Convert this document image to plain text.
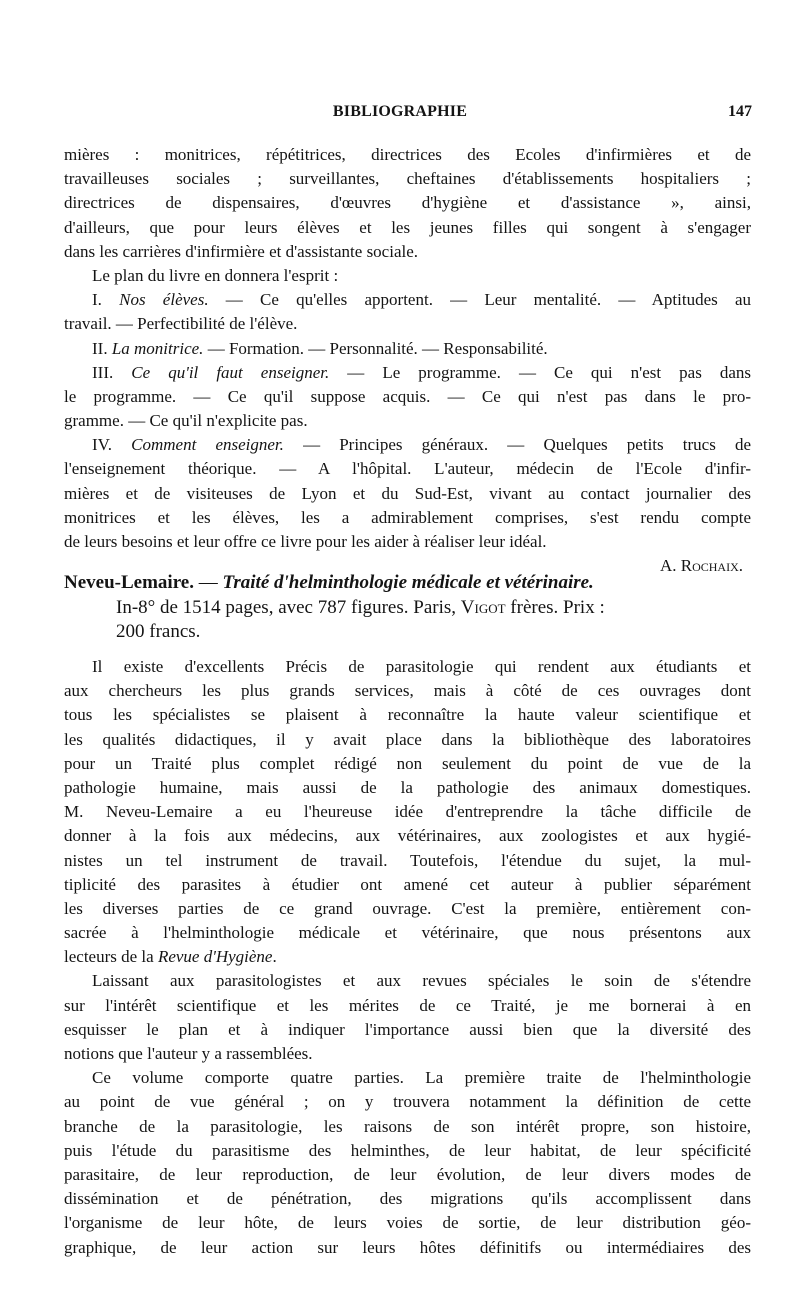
BIBLIOGRAPHIE	147
mières : monitrices, répétitrices, directrices des Ecoles d'infirmières et de
travailleuses sociales ; surveillantes, cheftaines d'établissements hospitaliers ;
directrices de dispensaires, d'œuvres d'hygiène et d'assistance », ainsi,
d'ailleurs, que pour leurs élèves et les jeunes filles qui songent à s'engager
dans les carrières d'infirmière et d'assistante sociale.
Le plan du livre en donnera l'esprit :
I. Nos élèves. — Ce qu'elles apportent. — Leur mentalité. — Aptitudes au
travail. — Perfectibilité de l'élève.
II. La monitrice. — Formation. — Personnalité. — Responsabilité.
III. Ce qu'il faut enseigner. — Le programme. — Ce qui n'est pas dans
le programme. — Ce qu'il suppose acquis. — Ce qui n'est pas dans le pro-
gramme. — Ce qu'il n'explicite pas.
IV. Comment enseigner. — Principes généraux. — Quelques petits trucs de
l'enseignement théorique. — A l'hôpital. L'auteur, médecin de l'Ecole d'infir-
mières et de visiteuses de Lyon et du Sud-Est, vivant au contact journalier des
monitrices et les élèves, les a admirablement comprises, s'est rendu compte
de leurs besoins et leur offre ce livre pour les aider à réaliser leur idéal.
A. Rochaix.
Neveu-Lemaire. — Traité d'helminthologie médicale et vétérinaire.
In-8° de 1514 pages, avec 787 figures. Paris, Vigot frères. Prix :
200 francs.
Il existe d'excellents Précis de parasitologie qui rendent aux étudiants et
aux chercheurs les plus grands services, mais à côté de ces ouvrages dont
tous les spécialistes se plaisent à reconnaître la haute valeur scientifique et
les qualités didactiques, il y avait place dans la bibliothèque des laboratoires
pour un Traité plus complet rédigé non seulement du point de vue de la
pathologie humaine, mais aussi de la pathologie des animaux domestiques.
M. Neveu-Lemaire a eu l'heureuse idée d'entreprendre la tâche difficile de
donner à la fois aux médecins, aux vétérinaires, aux zoologistes et aux hygié-
nistes un tel instrument de travail. Toutefois, l'étendue du sujet, la mul-
tiplicité des parasites à étudier ont amené cet auteur à publier séparément
les diverses parties de ce grand ouvrage. C'est la première, entièrement con-
sacrée à l'helminthologie médicale et vétérinaire, que nous présentons aux
lecteurs de la Revue d'Hygiène.
Laissant aux parasitologistes et aux revues spéciales le soin de s'étendre
sur l'intérêt scientifique et les mérites de ce Traité, je me bornerai à en
esquisser le plan et à indiquer l'importance aussi bien que la diversité des
notions que l'auteur y a rassemblées.
Ce volume comporte quatre parties. La première traite de l'helminthologie
au point de vue général ; on y trouvera notamment la définition de cette
branche de la parasitologie, les raisons de son intérêt propre, son histoire,
puis l'étude du parasitisme des helminthes, de leur habitat, de leur spécificité
parasitaire, de leur reproduction, de leur évolution, de leur divers modes de
dissémination et de pénétration, des migrations qu'ils accomplissent dans
l'organisme de leur hôte, de leurs voies de sortie, de leur distribution géo-
graphique, de leur action sur leurs hôtes définitifs ou intermédiaires des
